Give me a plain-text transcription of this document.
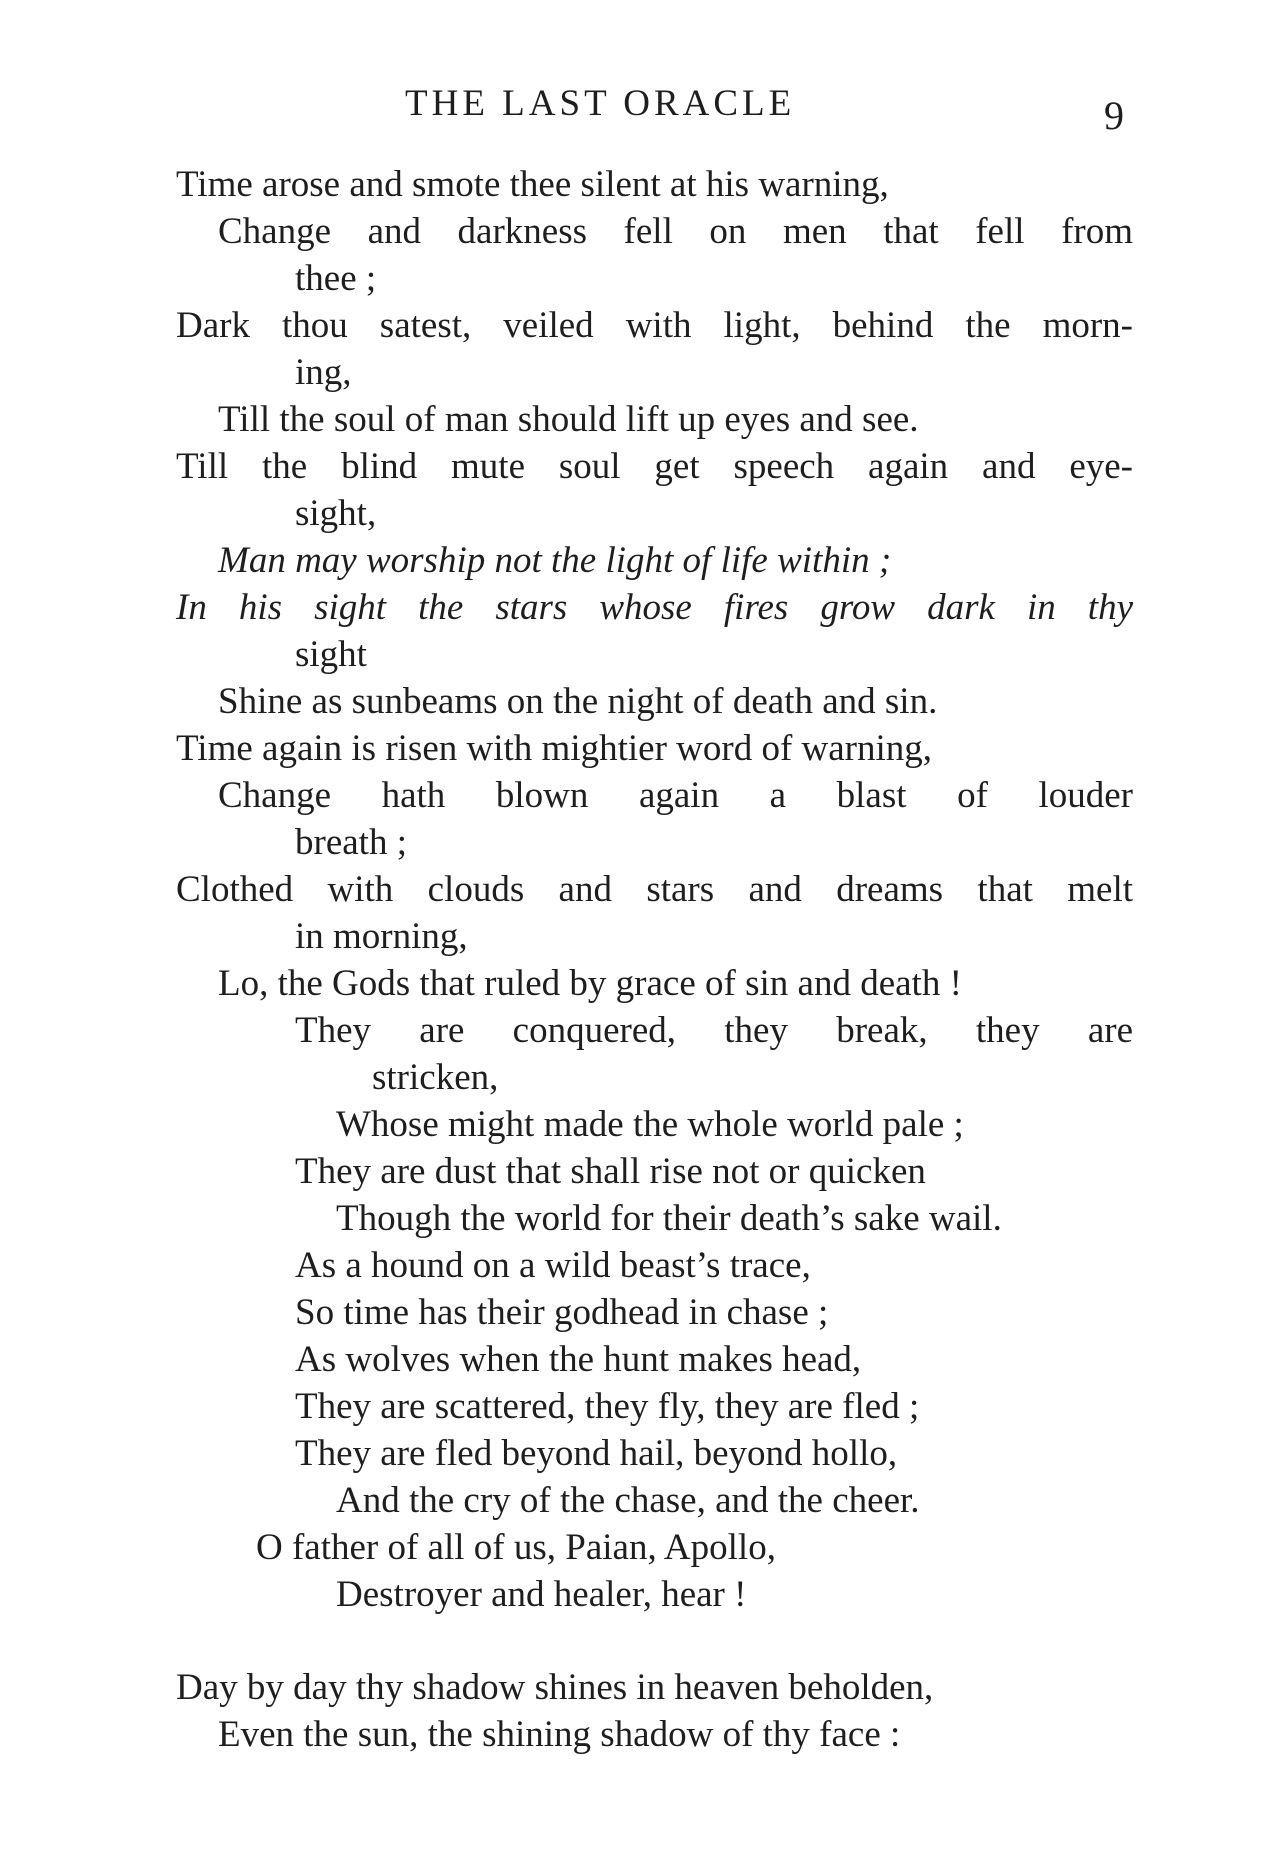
THE LAST ORACLE	9
Time arose and smote thee silent at his warning,
Change and darkness fell on men that fell from
thee ;
Dark thou satest, veiled with light, behind the morn-
ing,
Till the soul of man should lift up eyes and see.
Till the blind mute soul get speech again and eye-
sight,
Man may worship not the light of life within ;
In his sight the stars whose fires grow dark in thy
sight
Shine as sunbeams on the night of death and sin.
Time again is risen with mightier word of warning,
Change hath blown again a blast of louder
breath ;
Clothed with clouds and stars and dreams that melt
in morning,
Lo, the Gods that ruled by grace of sin and death !
They are conquered, they break, they are
stricken,
Whose might made the whole world pale ;
They are dust that shall rise not or quicken
Though the world for their death’s sake wail.
As a hound on a wild beast’s trace,
So time has their godhead in chase ;
As wolves when the hunt makes head,
They are scattered, they fly, they are fled ;
They are fled beyond hail, beyond hollo,
And the cry of the chase, and the cheer.
O father of all of us, Paian, Apollo,
Destroyer and healer, hear !
Day by day thy shadow shines in heaven beholden,
Even the sun, the shining shadow of thy face :
